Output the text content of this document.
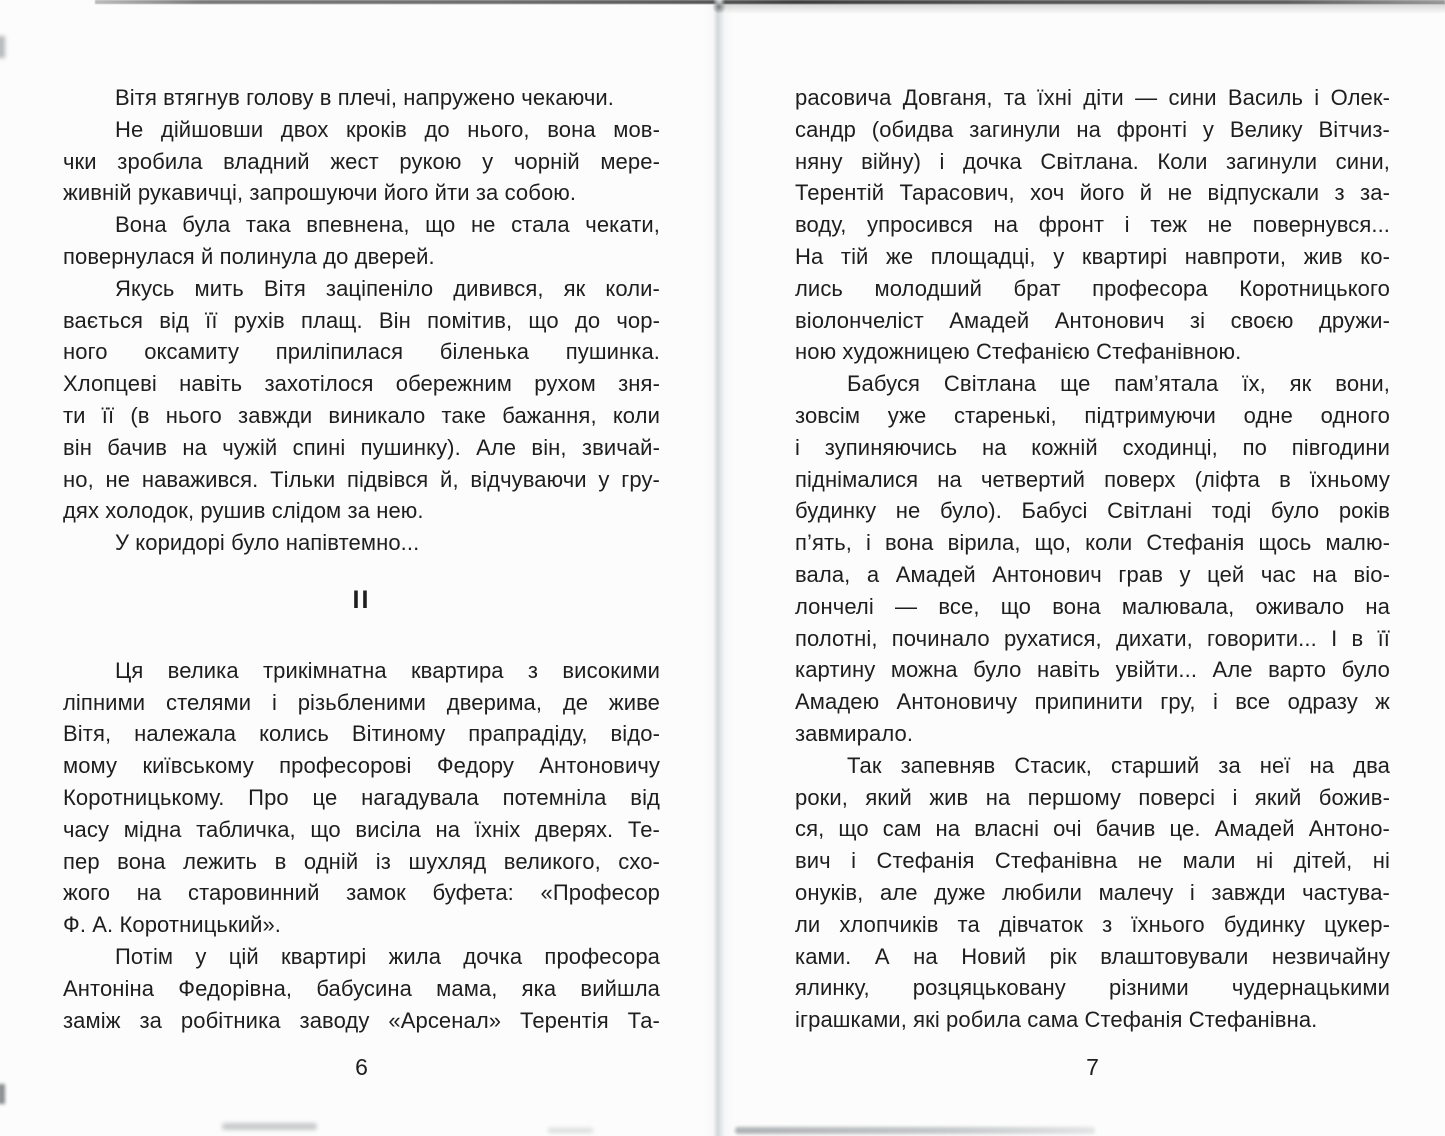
Вітя втягнув голову в плечі, напружено чекаючи.
Не дійшовши двох кроків до нього, вона мов-
чки зробила владний жест рукою у чорній мере-
живній рукавичці, запрошуючи його йти за собою.
Вона була така впевнена, що не стала чекати,
повернулася й полинула до дверей.
Якусь мить Вітя заціпеніло дивився, як коли-
вається від її рухів плащ. Він помітив, що до чор-
ного оксамиту приліпилася біленька пушинка.
Хлопцеві навіть захотілося обережним рухом зня-
ти її (в нього завжди виникало таке бажання, коли
він бачив на чужій спині пушинку). Але він, звичай-
но, не наважився. Тільки підвівся й, відчуваючи у гру-
дях холодок, рушив слідом за нею.
У коридорі було напівтемно...
II
Ця велика трикімнатна квартира з високими
ліпними стелями і різьбленими дверима, де живе
Вітя, належала колись Вітиному прапрадіду, відо-
мому київському професорові Федору Антоновичу
Коротницькому. Про це нагадувала потемніла від
часу мідна табличка, що висіла на їхніх дверях. Те-
пер вона лежить в одній із шухляд великого, схо-
жого на старовинний замок буфета: «Професор
Ф. А. Коротницький».
Потім у цій квартирі жила дочка професора
Антоніна Федорівна, бабусина мама, яка вийшла
заміж за робітника заводу «Арсенал» Терентія Та-
расовича Довганя, та їхні діти — сини Василь і Олек-
сандр (обидва загинули на фронті у Велику Вітчиз-
няну війну) і дочка Світлана. Коли загинули сини,
Терентій Тарасович, хоч його й не відпускали з за-
воду, упросився на фронт і теж не повернувся...
На тій же площадці, у квартирі навпроти, жив ко-
лись молодший брат професора Коротницького
віолончеліст Амадей Антонович зі своєю дружи-
ною художницею Стефанією Стефанівною.
Бабуся Світлана ще пам’ятала їх, як вони,
зовсім уже старенькі, підтримуючи одне одного
і зупиняючись на кожній сходинці, по півгодини
піднімалися на четвертий поверх (ліфта в їхньому
будинку не було). Бабусі Світлані тоді було років
п’ять, і вона вірила, що, коли Стефанія щось малю-
вала, а Амадей Антонович грав у цей час на віо-
лончелі — все, що вона малювала, оживало на
полотні, починало рухатися, дихати, говорити... І в її
картину можна було навіть увійти... Але варто було
Амадею Антоновичу припинити гру, і все одразу ж
завмирало.
Так запевняв Стасик, старший за неї на два
роки, який жив на першому поверсі і який божив-
ся, що сам на власні очі бачив це. Амадей Антоно-
вич і Стефанія Стефанівна не мали ні дітей, ні
онуків, але дуже любили малечу і завжди частува-
ли хлопчиків та дівчаток з їхнього будинку цукер-
ками. А на Новий рік влаштовували незвичайну
ялинку, розцяцьковану різними чудернацькими
іграшками, які робила сама Стефанія Стефанівна.
6	7
